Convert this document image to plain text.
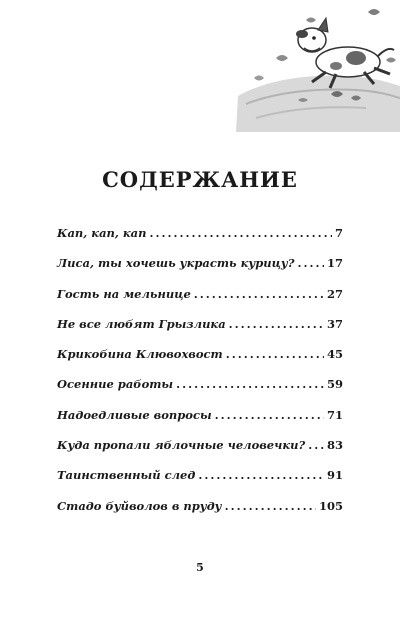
СОДЕРЖАНИЕ
Кап, кап, кап .....	7
Лиса, ты хочешь украсть курицу? .....	17
Гость на мельнице .....	27
Не все любят Грызлика .....	37
Крикобина Клювохвост .....	45
Осенние работы .....	59
Надоедливые вопросы .....	71
Куда пропали яблочные человечки? ..... 83
Таинственный след .....	91
Стадо буйволов в пруду .....	105
5
